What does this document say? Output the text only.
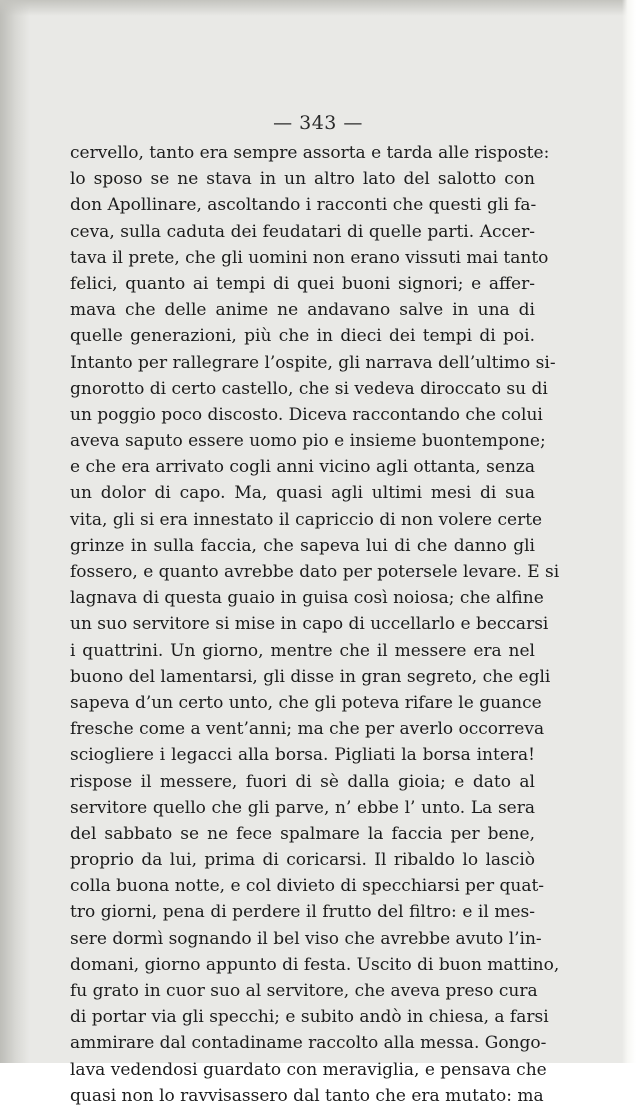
— 343 —
cervello, tanto era sempre assorta e tarda alle risposte:
lo sposo se ne stava in un altro lato del salotto con
don Apollinare, ascoltando i racconti che questi gli fa-
ceva, sulla caduta dei feudatari di quelle parti. Accer-
tava il prete, che gli uomini non erano vissuti mai tanto
felici, quanto ai tempi di quei buoni signori; e affer-
mava che delle anime ne andavano salve in una di
quelle generazioni, più che in dieci dei tempi di poi.
Intanto per rallegrare l’ospite, gli narrava dell’ultimo si-
gnorotto di certo castello, che si vedeva diroccato su di
un poggio poco discosto. Diceva raccontando che colui
aveva saputo essere uomo pio e insieme buontempone;
e che era arrivato cogli anni vicino agli ottanta, senza
un dolor di capo. Ma, quasi agli ultimi mesi di sua
vita, gli si era innestato il capriccio di non volere certe
grinze in sulla faccia, che sapeva lui di che danno gli
fossero, e quanto avrebbe dato per potersele levare. E si
lagnava di questa guaio in guisa così noiosa; che alfine
un suo servitore si mise in capo di uccellarlo e beccarsi
i quattrini. Un giorno, mentre che il messere era nel
buono del lamentarsi, gli disse in gran segreto, che egli
sapeva d’un certo unto, che gli poteva rifare le guance
fresche come a vent’anni; ma che per averlo occorreva
sciogliere i legacci alla borsa. Pigliati la borsa intera!
rispose il messere, fuori di sè dalla gioia; e dato al
servitore quello che gli parve, n’ ebbe l’ unto. La sera
del sabbato se ne fece spalmare la faccia per bene,
proprio da lui, prima di coricarsi. Il ribaldo lo lasciò
colla buona notte, e col divieto di specchiarsi per quat-
tro giorni, pena di perdere il frutto del filtro: e il mes-
sere dormì sognando il bel viso che avrebbe avuto l’in-
domani, giorno appunto di festa. Uscito di buon mattino,
fu grato in cuor suo al servitore, che aveva preso cura
di portar via gli specchi; e subito andò in chiesa, a farsi
ammirare dal contadiname raccolto alla messa. Gongo-
lava vedendosi guardato con meraviglia, e pensava che
quasi non lo ravvisassero dal tanto che era mutato: ma
